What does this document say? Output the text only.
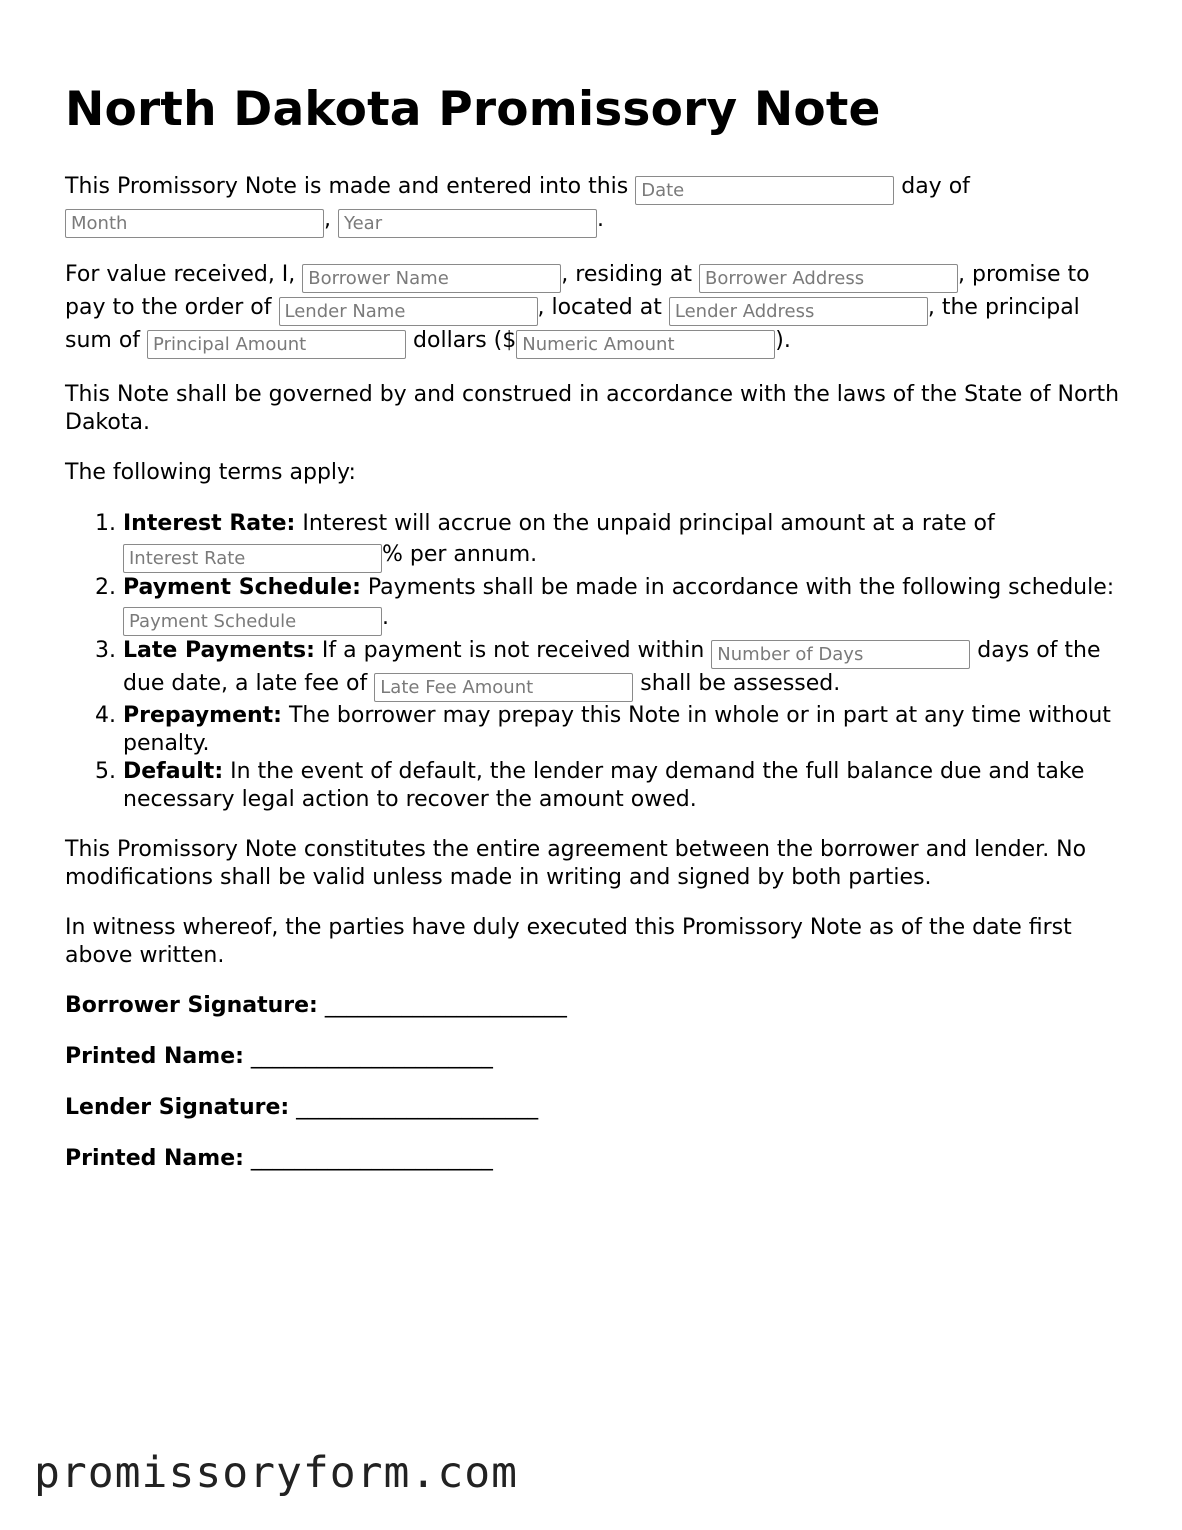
North Dakota Promissory Note

This Promissory Note is made and entered into this Date	day of
Month, Year	.

For value received, I, Borrower Name	, residing at Borrower Address	, promise to pay to the order of Lender Name	, located at Lender Address	, the principal sum of Principal Amount	dollars ($Numeric Amount	).

This Note shall be governed by and construed in accordance with the laws of the State of North Dakota.

The following terms apply:

1. Interest Rate: Interest will accrue on the unpaid principal amount at a rate of Interest Rate% per annum.
2. Payment Schedule: Payments shall be made in accordance with the following schedule: Payment Schedule.
3. Late Payments: If a payment is not received within Number of Days	days of the due date, a late fee of Late Fee Amount	shall be assessed.
4. Prepayment: The borrower may prepay this Note in whole or in part at any time without penalty.
5. Default: In the event of default, the lender may demand the full balance due and take necessary legal action to recover the amount owed.

This Promissory Note constitutes the entire agreement between the borrower and lender. No modifications shall be valid unless made in writing and signed by both parties.

In witness whereof, the parties have duly executed this Promissory Note as of the date first above written.

Borrower Signature: ______________________
Printed Name: ______________________
Lender Signature: ______________________
Printed Name: ______________________
promissoryform.com
